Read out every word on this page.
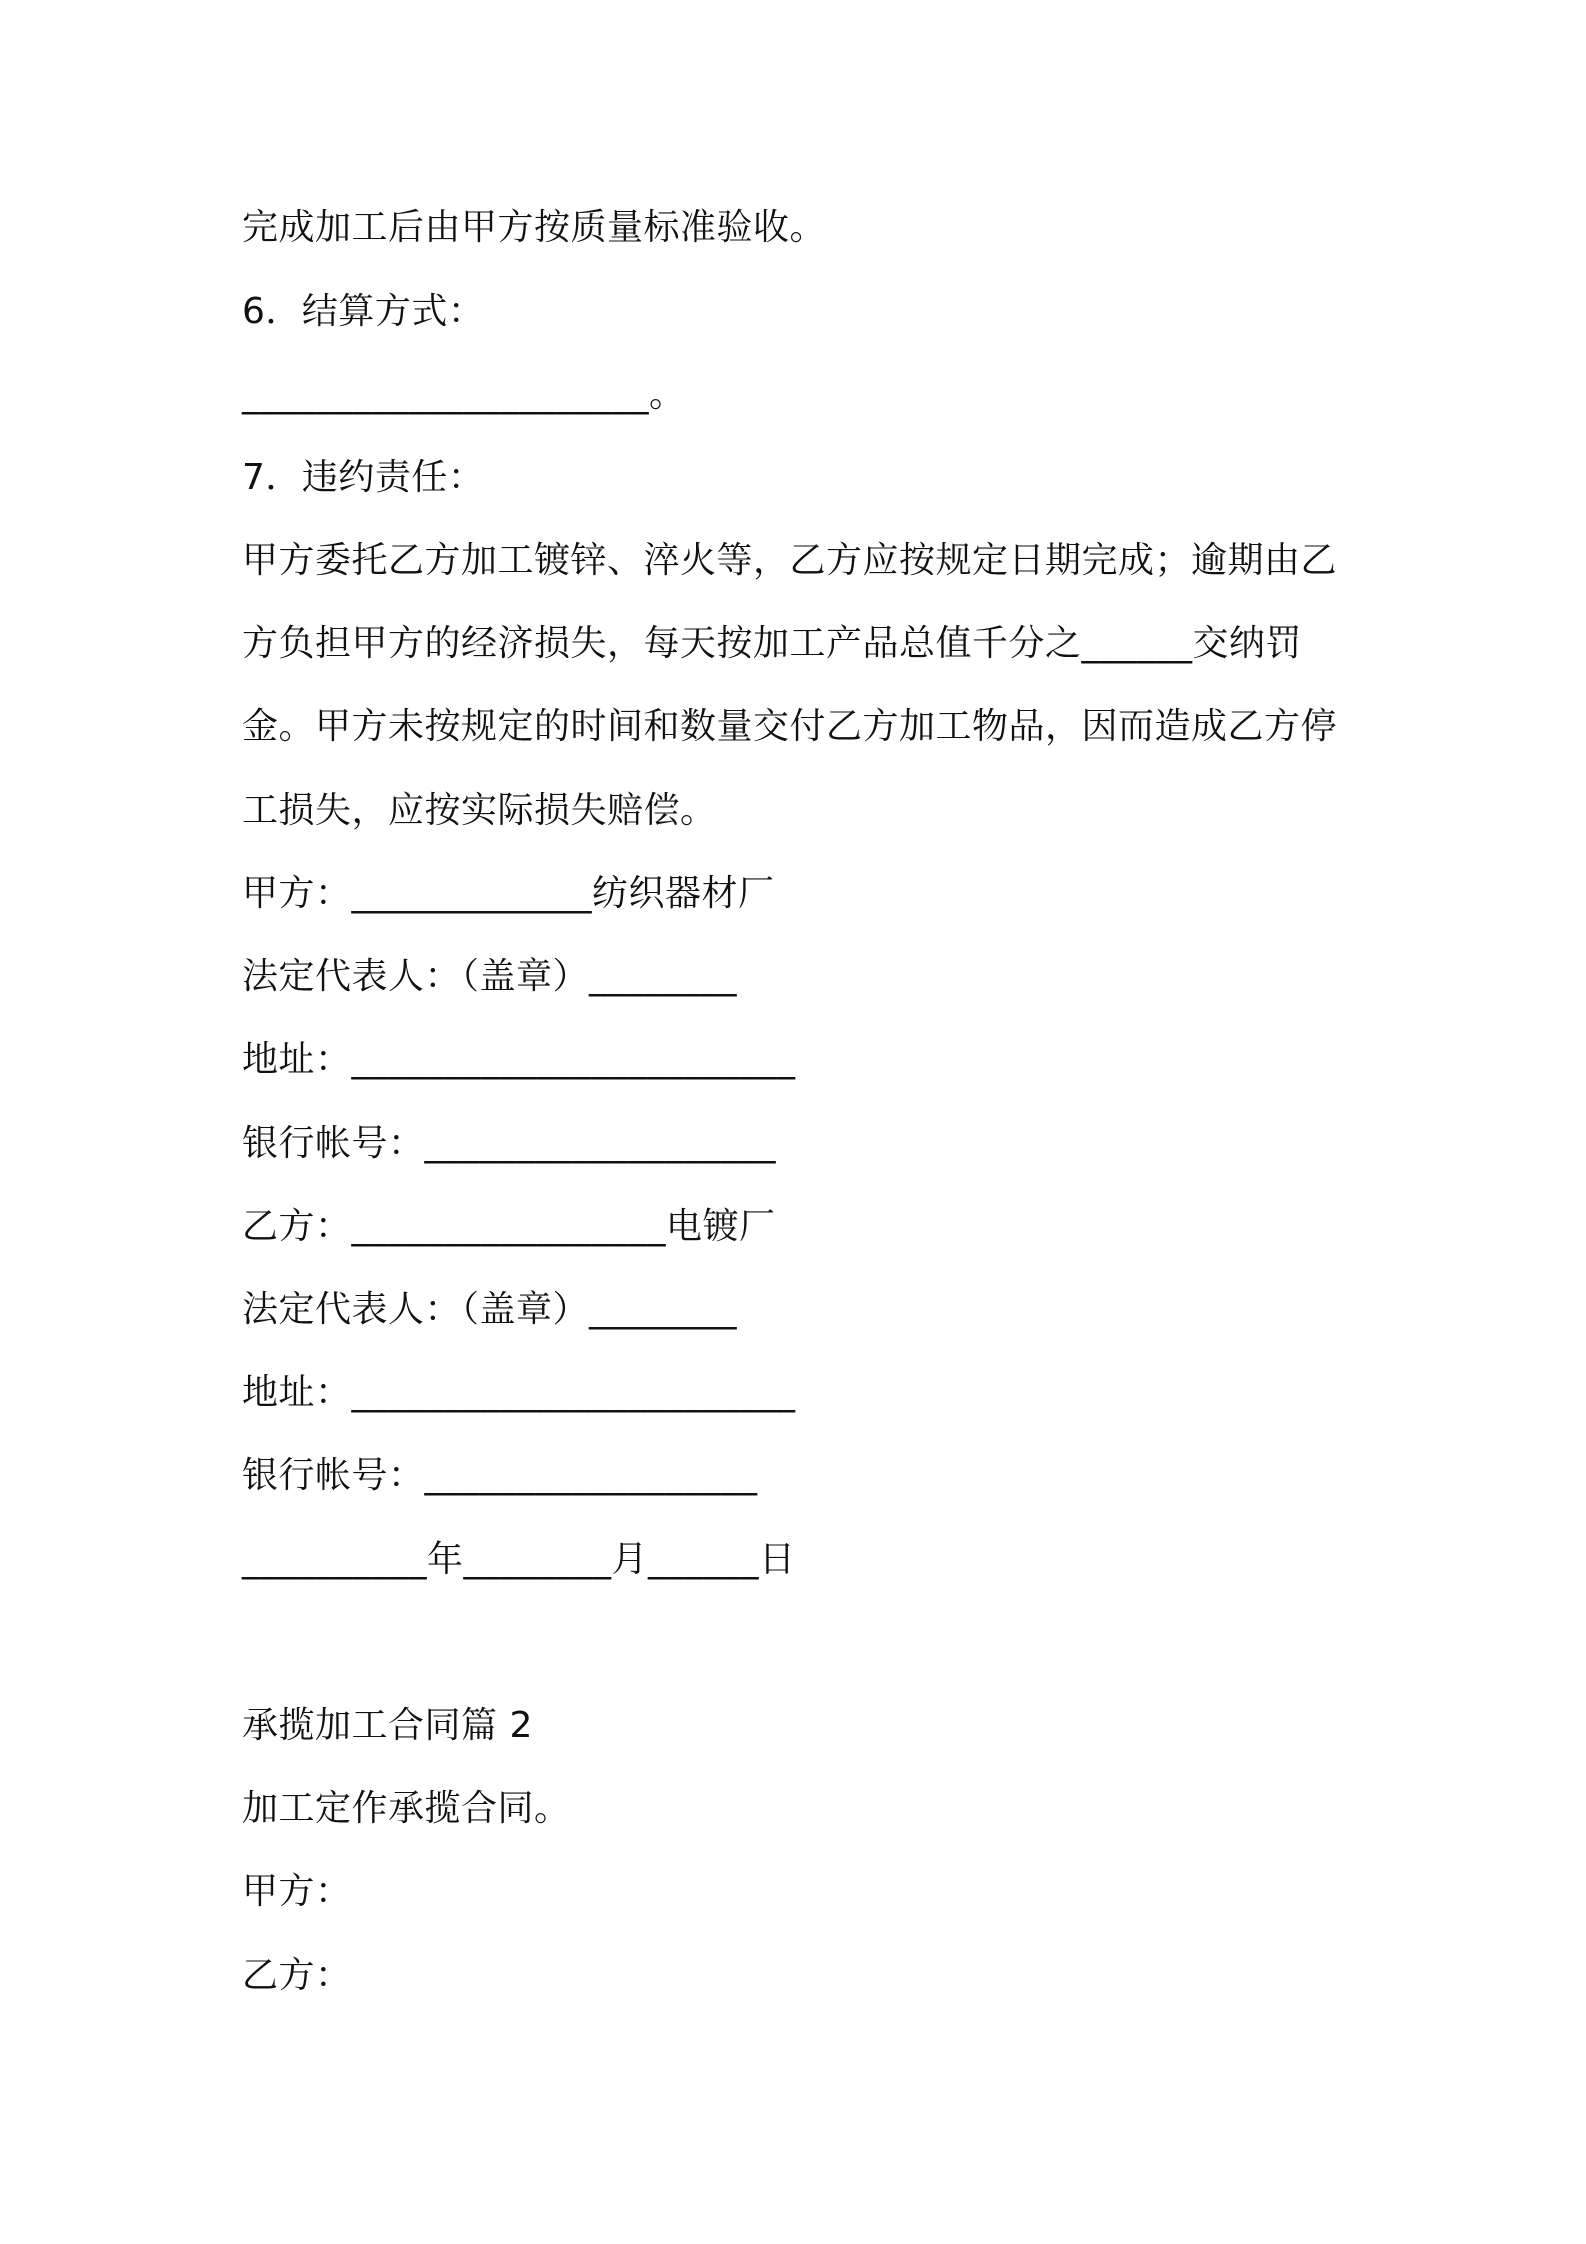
完成加工后由甲方按质量标准验收。
6．结算方式：
______________________。
7．违约责任：
甲方委托乙方加工镀锌、淬火等，乙方应按规定日期完成；逾期由乙
方负担甲方的经济损失，每天按加工产品总值千分之______交纳罚
金。甲方未按规定的时间和数量交付乙方加工物品，因而造成乙方停
工损失，应按实际损失赔偿。
甲方：_____________纺织器材厂
法定代表人：（盖章）________
地址：________________________
银行帐号：___________________
乙方：_________________电镀厂
法定代表人：（盖章）________
地址：________________________
银行帐号：__________________
__________年________月______日
承揽加工合同篇 2
加工定作承揽合同。
甲方：
乙方：
